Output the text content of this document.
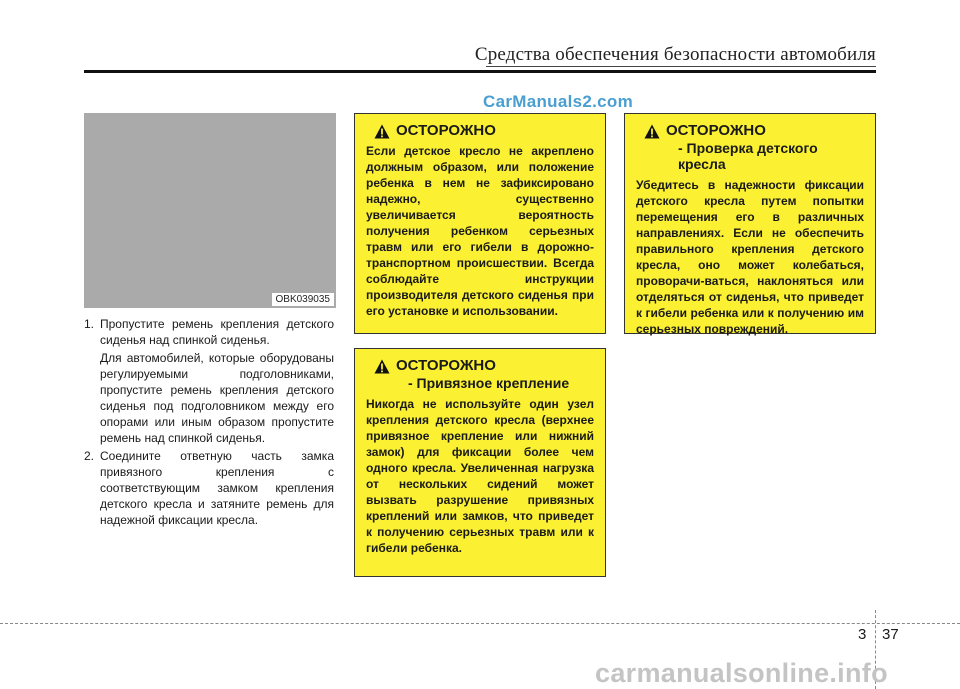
Средства обеспечения безопасности автомобиля
CarManuals2.com
OBK039035

1. Пропустите ремень крепления детского сиденья над спинкой сиденья.

Для автомобилей, которые оборудованы регулируемыми подголовниками, пропустите ремень крепления детского сиденья под подголовником между его опорами или иным образом пропустите ремень над спинкой сиденья.

2. Соедините ответную часть замка привязного крепления с соответствующим замком крепления детского кресла и затяните ремень для надежной фиксации кресла.

ОСТОРОЖНО
Если детское кресло не акреплено должным образом, или положение ребенка в нем не зафиксировано надежно, существенно увеличивается вероятность получения ребенком серьезных травм или его гибели в дорожно-транспортном происшествии. Всегда соблюдайте инструкции производителя детского сиденья при его установке и использовании.
ОСТОРОЖНО
- Привязное крепление
Никогда не используйте один узел крепления детского кресла (верхнее привязное крепление или нижний замок) для фиксации более чем одного кресла. Увеличенная нагрузка от нескольких сидений может вызвать разрушение привязных креплений или замков, что приведет к получению серьезных травм или к гибели ребенка.
ОСТОРОЖНО
- Проверка детского кресла
Убедитесь в надежности фиксации детского кресла путем попытки перемещения его в различных направлениях. Если не обеспечить правильного крепления детского кресла, оно может колебаться, проворачи-ваться, наклоняться или отделяться от сиденья, что приведет к гибели ребенка или к получению им серьезных повреждений.
3 37
carmanualsonline.info
